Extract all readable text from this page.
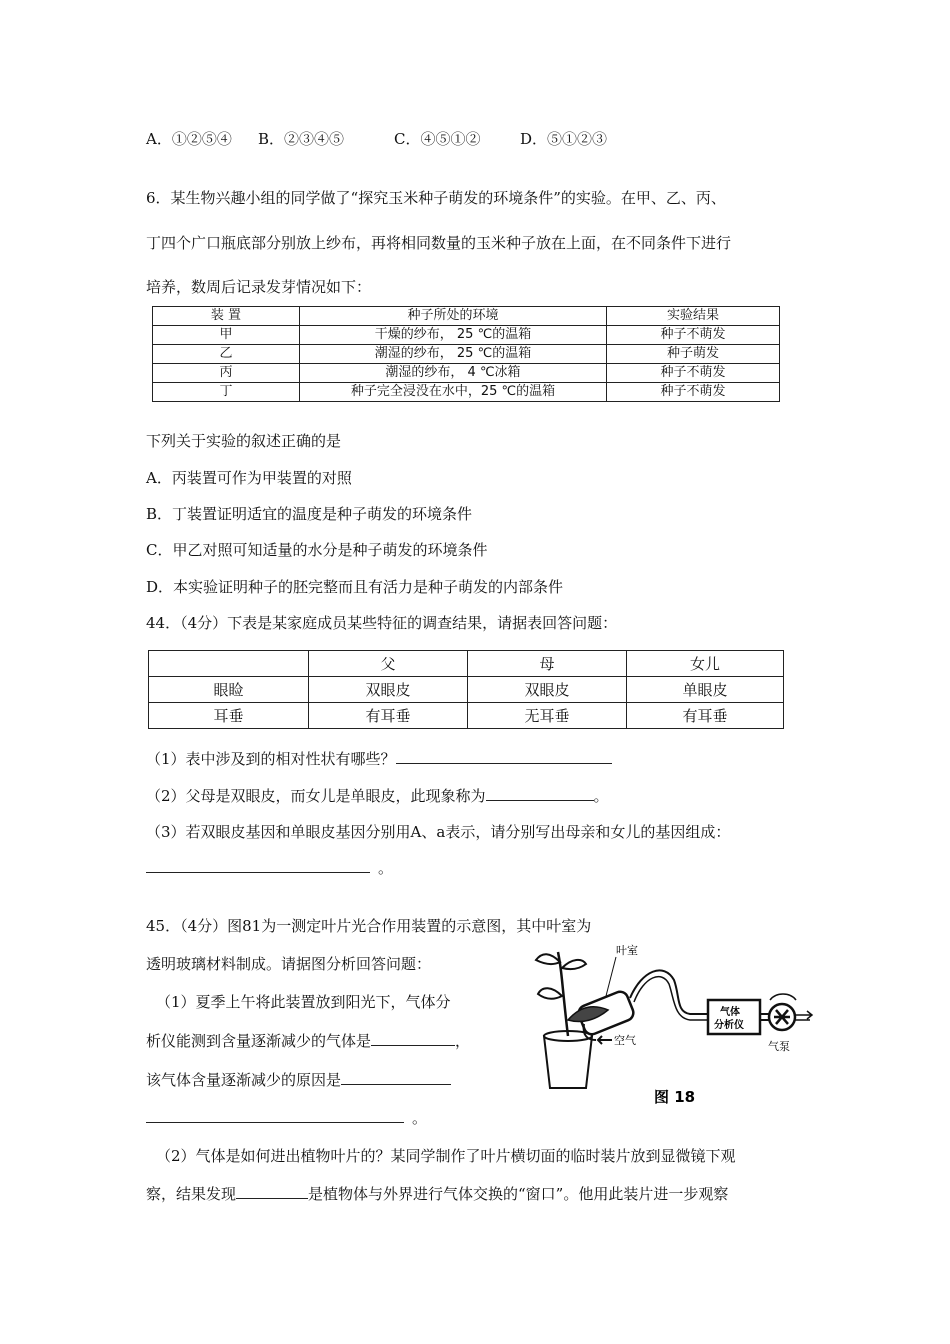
A．①②⑤④ B．②③④⑤	C．④⑤①②	D．⑤①②③
6．某生物兴趣小组的同学做了“探究玉米种子萌发的环境条件”的实验。在甲、乙、丙、
丁四个广口瓶底部分别放上纱布，再将相同数量的玉米种子放在上面，在不同条件下进行
培养，数周后记录发芽情况如下：
装 置	种子所处的环境	实验结果
甲	干燥的纱布， 25 ℃的温箱	种子不萌发
乙	潮湿的纱布， 25 ℃的温箱	种子萌发
丙	潮湿的纱布， 4 ℃冰箱	种子不萌发
丁	种子完全浸没在水中，25 ℃的温箱	种子不萌发
下列关于实验的叙述正确的是
A．丙装置可作为甲装置的对照
B．丁装置证明适宜的温度是种子萌发的环境条件
C．甲乙对照可知适量的水分是种子萌发的环境条件
D．本实验证明种子的胚完整而且有活力是种子萌发的内部条件
44．（4分）下表是某家庭成员某些特征的调查结果，请据表回答问题：
	父	母	女儿
眼睑	双眼皮	双眼皮	单眼皮
耳垂	有耳垂	无耳垂	有耳垂
（1）表中涉及到的相对性状有哪些？
（2）父母是双眼皮，而女儿是单眼皮，此现象称为	。
（3）若双眼皮基因和单眼皮基因分别用A、a表示，请分别写出母亲和女儿的基因组成：
。
45．（4分）图81为一测定叶片光合作用装置的示意图，其中叶室为
透明玻璃材料制成。请据图分析回答问题：
（1）夏季上午将此装置放到阳光下，气体分
析仪能测到含量逐渐减少的气体是	，
该气体含量逐渐减少的原因是
。
（2）气体是如何进出植物叶片的？某同学制作了叶片横切面的临时装片放到显微镜下观
察，结果发现	是植物体与外界进行气体交换的“窗口”。他用此装片进一步观察
叶室
空气
气体
分析仪
气泵
图 18
